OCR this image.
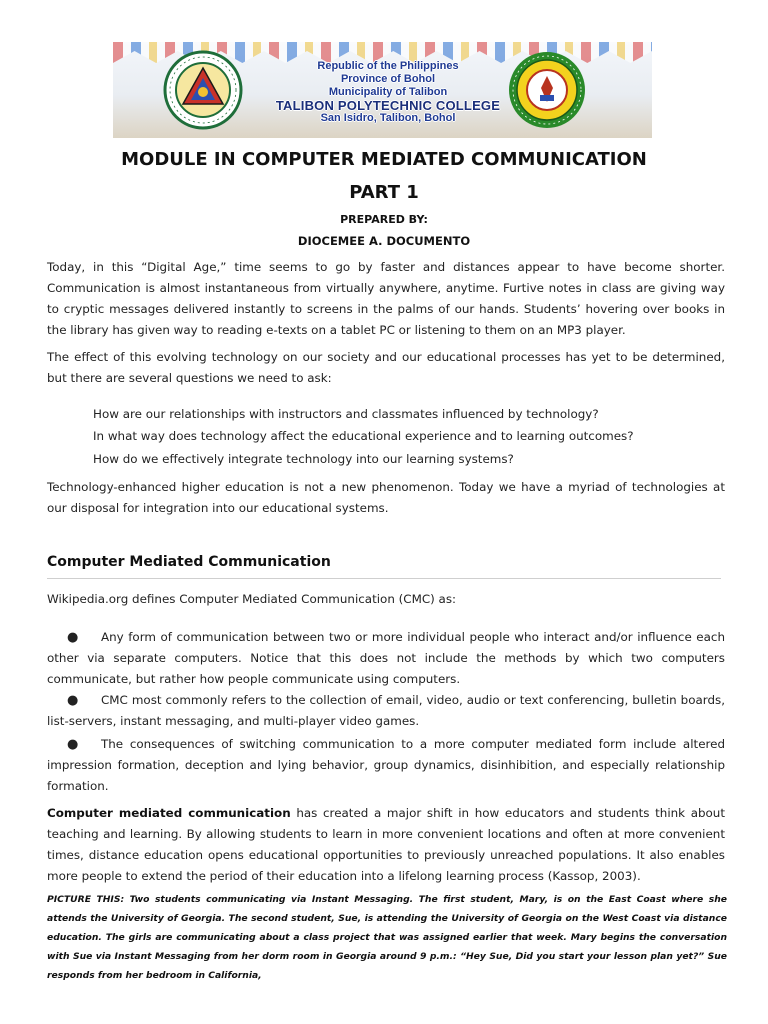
Republic of the Philippines
Province of Bohol
Municipality of Talibon
TALIBON POLYTECHNIC COLLEGE
San Isidro, Talibon, Bohol
MODULE IN COMPUTER MEDIATED COMMUNICATION
PART 1
PREPARED BY:
DIOCEMEE A. DOCUMENTO
Today, in this “Digital Age,” time seems to go by faster and distances appear to have become shorter. Communication is almost instantaneous from virtually anywhere, anytime. Furtive notes in class are giving way to cryptic messages delivered instantly to screens in the palms of our hands. Students’ hovering over books in the library has given way to reading e-texts on a tablet PC or listening to them on an MP3 player.
The effect of this evolving technology on our society and our educational processes has yet to be determined, but there are several questions we need to ask:
How are our relationships with instructors and classmates influenced by technology?
In what way does technology affect the educational experience and to learning outcomes?
How do we effectively integrate technology into our learning systems?
Technology-enhanced higher education is not a new phenomenon. Today we have a myriad of technologies at our disposal for integration into our educational systems.
Computer Mediated Communication
Wikipedia.org defines Computer Mediated Communication (CMC) as:
● Any form of communication between two or more individual people who interact and/or influence each other via separate computers. Notice that this does not include the methods by which two computers communicate, but rather how people communicate using computers.
● CMC most commonly refers to the collection of email, video, audio or text conferencing, bulletin boards, list-servers, instant messaging, and multi-player video games.
● The consequences of switching communication to a more computer mediated form include altered impression formation, deception and lying behavior, group dynamics, disinhibition, and especially relationship formation.
Computer mediated communication has created a major shift in how educators and students think about teaching and learning. By allowing students to learn in more convenient locations and often at more convenient times, distance education opens educational opportunities to previously unreached populations. It also enables more people to extend the period of their education into a lifelong learning process (Kassop, 2003).
PICTURE THIS: Two students communicating via Instant Messaging. The first student, Mary, is on the East Coast where she attends the University of Georgia. The second student, Sue, is attending the University of Georgia on the West Coast via distance education. The girls are communicating about a class project that was assigned earlier that week. Mary begins the conversation with Sue via Instant Messaging from her dorm room in Georgia around 9 p.m.: “Hey Sue, Did you start your lesson plan yet?” Sue responds from her bedroom in California,
